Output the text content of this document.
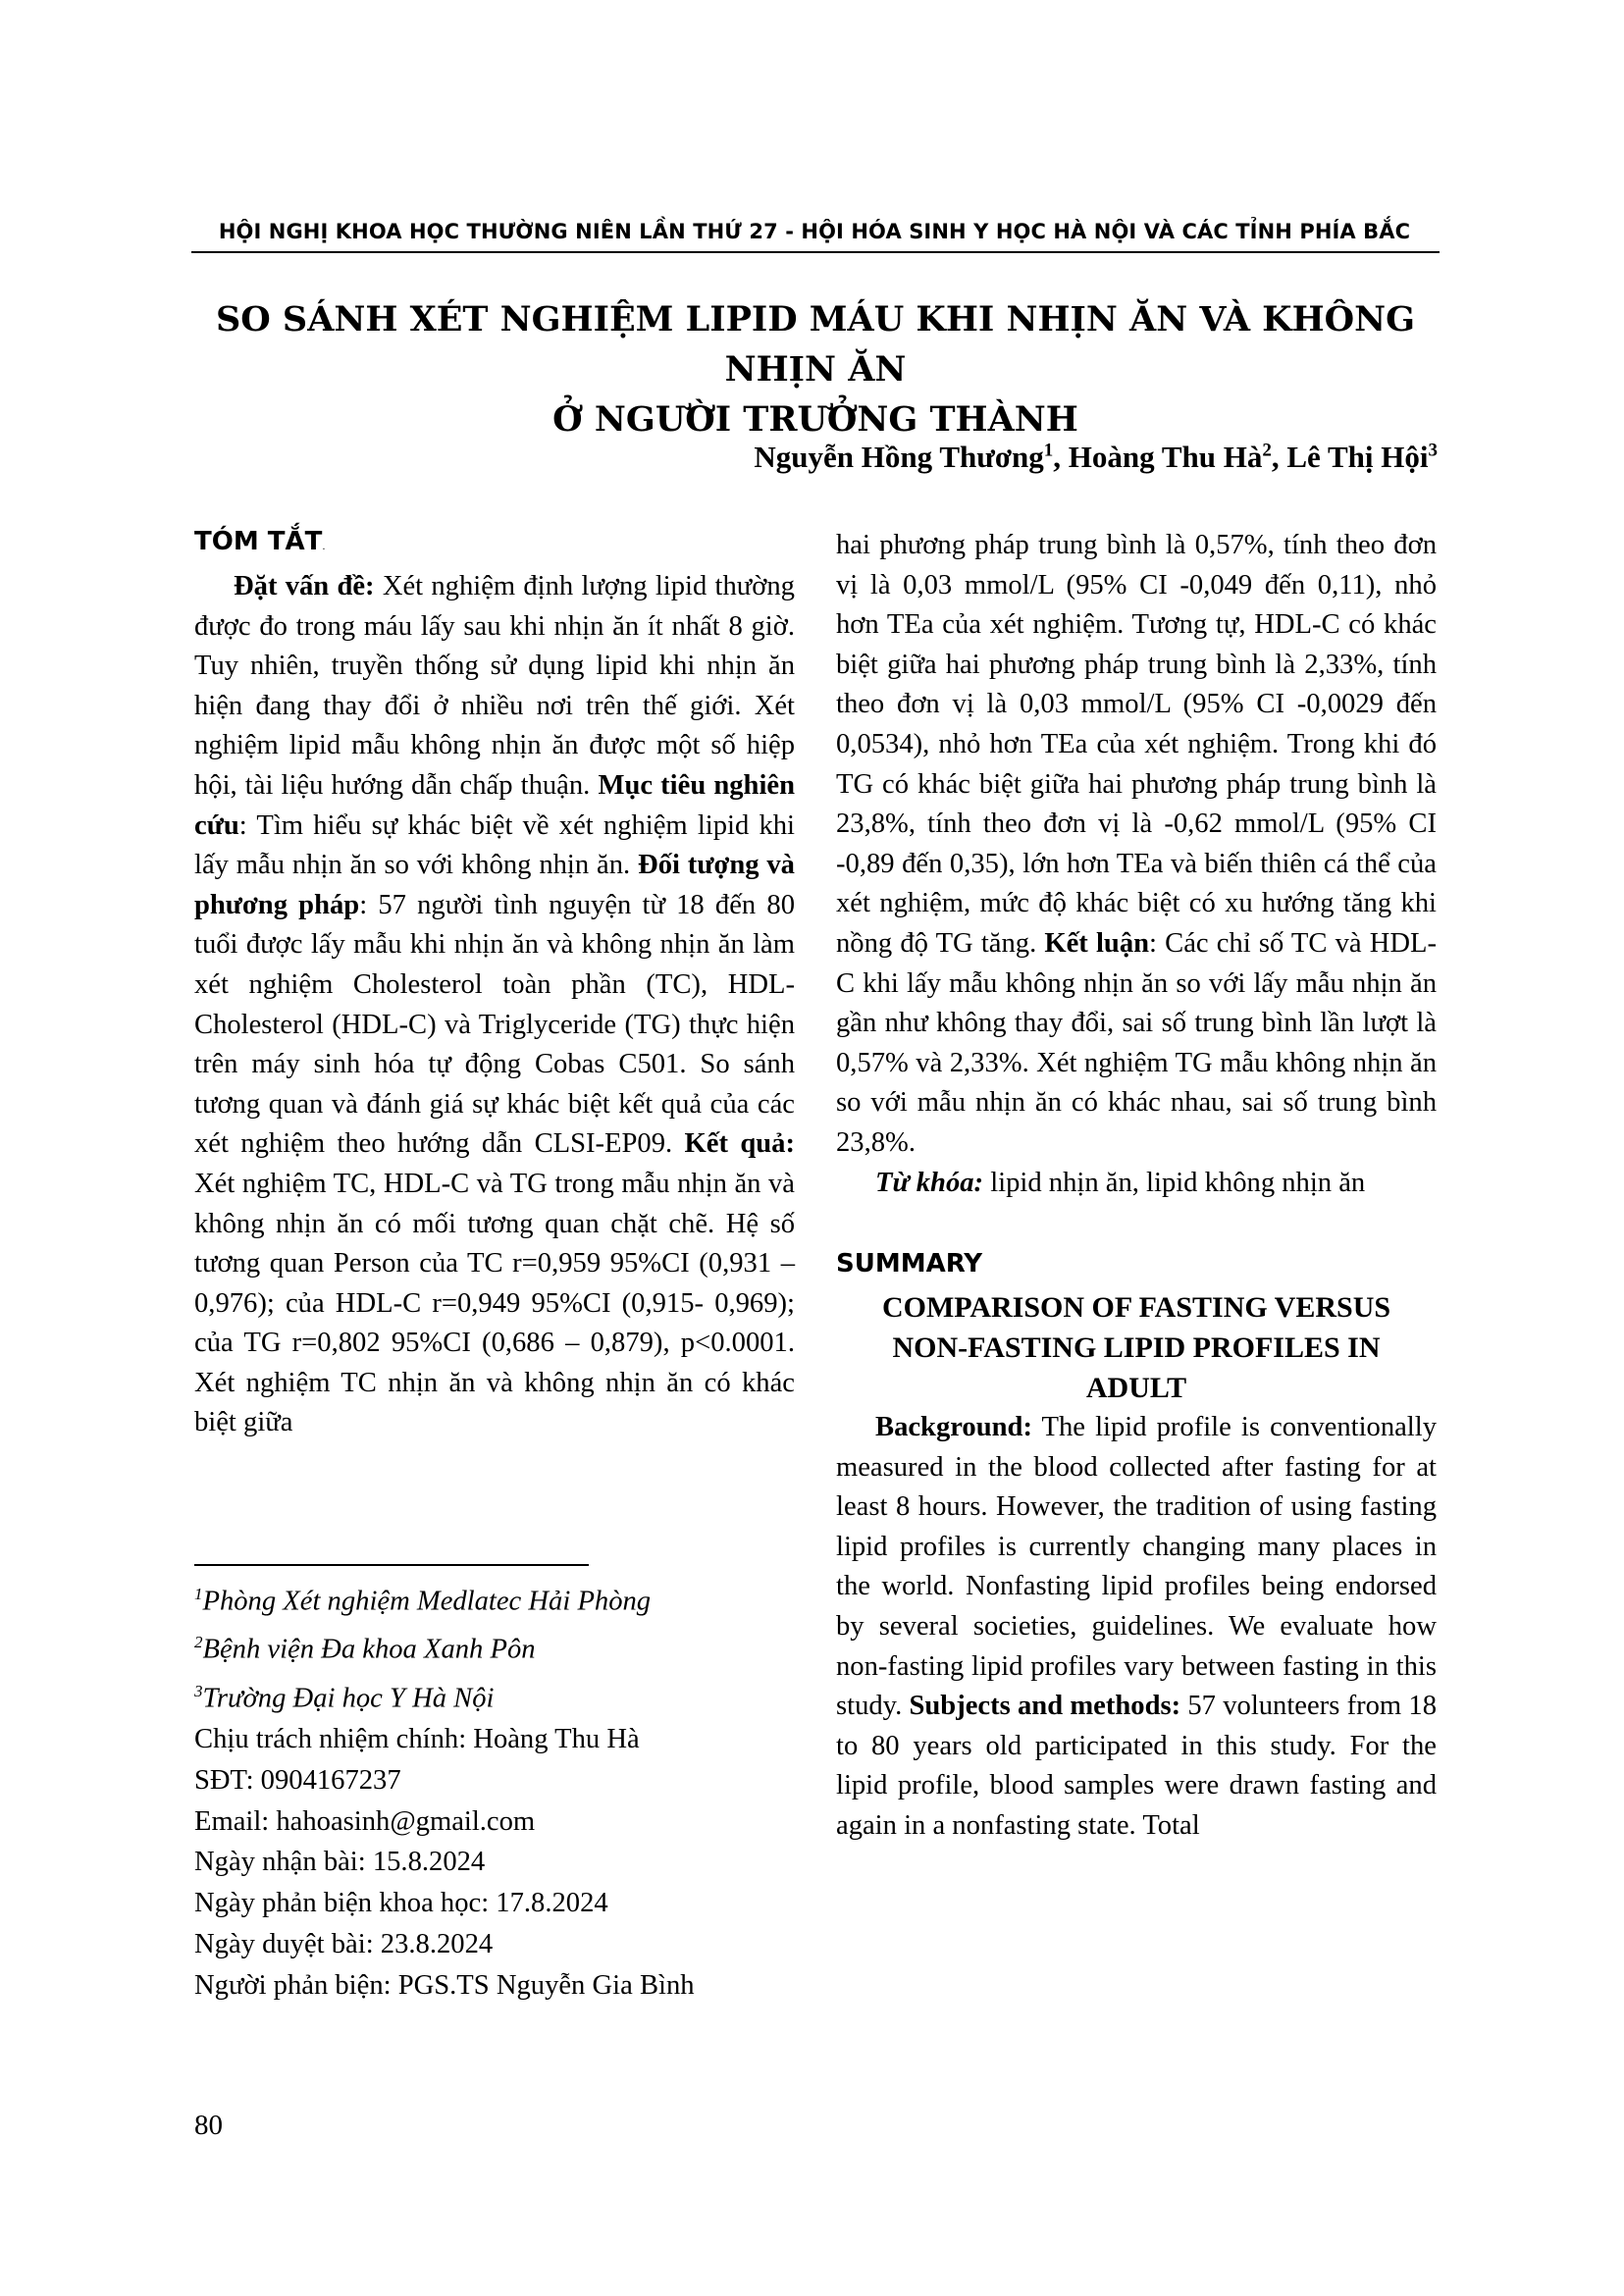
HỘI NGHỊ KHOA HỌC THƯỜNG NIÊN LẦN THỨ 27 - HỘI HÓA SINH Y HỌC HÀ NỘI VÀ CÁC TỈNH PHÍA BẮC
SO SÁNH XÉT NGHIỆM LIPID MÁU KHI NHỊN ĂN VÀ KHÔNG NHỊN ĂN
Ở NGƯỜI TRƯỞNG THÀNH
Nguyễn Hồng Thương$^1$, Hoàng Thu $Hà^2$, Lê Thị Hội$^3$
TÓM TẮT.

Đặt vấn đề: Xét nghiệm định lượng lipid thường được đo trong máu lấy sau khi nhịn ăn ít nhất 8 giờ. Tuy nhiên, truyền thống sử dụng lipid khi nhịn ăn hiện đang thay đổi ở nhiều nơi trên thế giới. Xét nghiệm lipid mẫu không nhịn ăn được một số hiệp hội, tài liệu hướng dẫn chấp thuận. Mục tiêu nghiên cứu: Tìm hiểu sự khác biệt về xét nghiệm lipid khi lấy mẫu nhịn ăn so với không nhịn ăn. Đối tượng và phương pháp: 57 người tình nguyện từ 18 đến 80 tuổi được lấy mẫu khi nhịn ăn và không nhịn ăn làm xét nghiệm Cholesterol toàn phần (TC), HDL-Cholesterol (HDL-C) và Triglyceride (TG) thực hiện trên máy sinh hóa tự động Cobas C501. So sánh tương quan và đánh giá sự khác biệt kết quả của các xét nghiệm theo hướng dẫn CLSI-EP09. Kết quả: Xét nghiệm TC, HDL-C và TG trong mẫu nhịn ăn và không nhịn ăn có mối tương quan chặt chẽ. Hệ số tương quan Person của TC r=0,959 95%CI (0,931 – 0,976); của HDL-C r=0,949 95%CI (0,915- 0,969); của TG r=0,802 95%CI (0,686 – 0,879), p<0.0001. Xét nghiệm TC nhịn ăn và không nhịn ăn có khác biệt giữa

hai phương pháp trung bình là 0,57%, tính theo đơn vị là 0,03 mmol/L (95% CI -0,049 đến 0,11), nhỏ hơn TEa của xét nghiệm. Tương tự, HDL-C có khác biệt giữa hai phương pháp trung bình là 2,33%, tính theo đơn vị là 0,03 mmol/L (95% CI -0,0029 đến 0,0534), nhỏ hơn TEa của xét nghiệm. Trong khi đó TG có khác biệt giữa hai phương pháp trung bình là 23,8%, tính theo đơn vị là -0,62 mmol/L (95% CI -0,89 đến 0,35), lớn hơn TEa và biến thiên cá thể của xét nghiệm, mức độ khác biệt có xu hướng tăng khi nồng độ TG tăng. Kết luận: Các chỉ số TC và HDL-C khi lấy mẫu không nhịn ăn so với lấy mẫu nhịn ăn gần như không thay đổi, sai số trung bình lần lượt là 0,57% và 2,33%. Xét nghiệm TG mẫu không nhịn ăn so với mẫu nhịn ăn có khác nhau, sai số trung bình 23,8%.

Từ khóa: lipid nhịn ăn, lipid không nhịn ăn

SUMMARY
COMPARISON OF FASTING VERSUS
NON-FASTING LIPID PROFILES IN
ADULT

Background: The lipid profile is conventionally measured in the blood collected after fasting for at least 8 hours. However, the tradition of using fasting lipid profiles is currently changing many places in the world. Nonfasting lipid profiles being endorsed by several societies, guidelines. We evaluate how non-fasting lipid profiles vary between fasting in this study. Subjects and methods: 57 volunteers from 18 to 80 years old participated in this study. For the lipid profile, blood samples were drawn fasting and again in a nonfasting state. Total

$^1$Phòng Xét nghiệm Medlatec Hải Phòng
$^2$Bệnh viện Đa khoa Xanh Pôn
$^3$Trường Đại học Y Hà Nội
Chịu trách nhiệm chính: Hoàng Thu Hà
SĐT: 0904167237
Email: hahoasinh@gmail.com
Ngày nhận bài: 15.8.2024
Ngày phản biện khoa học: 17.8.2024
Ngày duyệt bài: 23.8.2024
Người phản biện: PGS.TS Nguyễn Gia Bình
80
